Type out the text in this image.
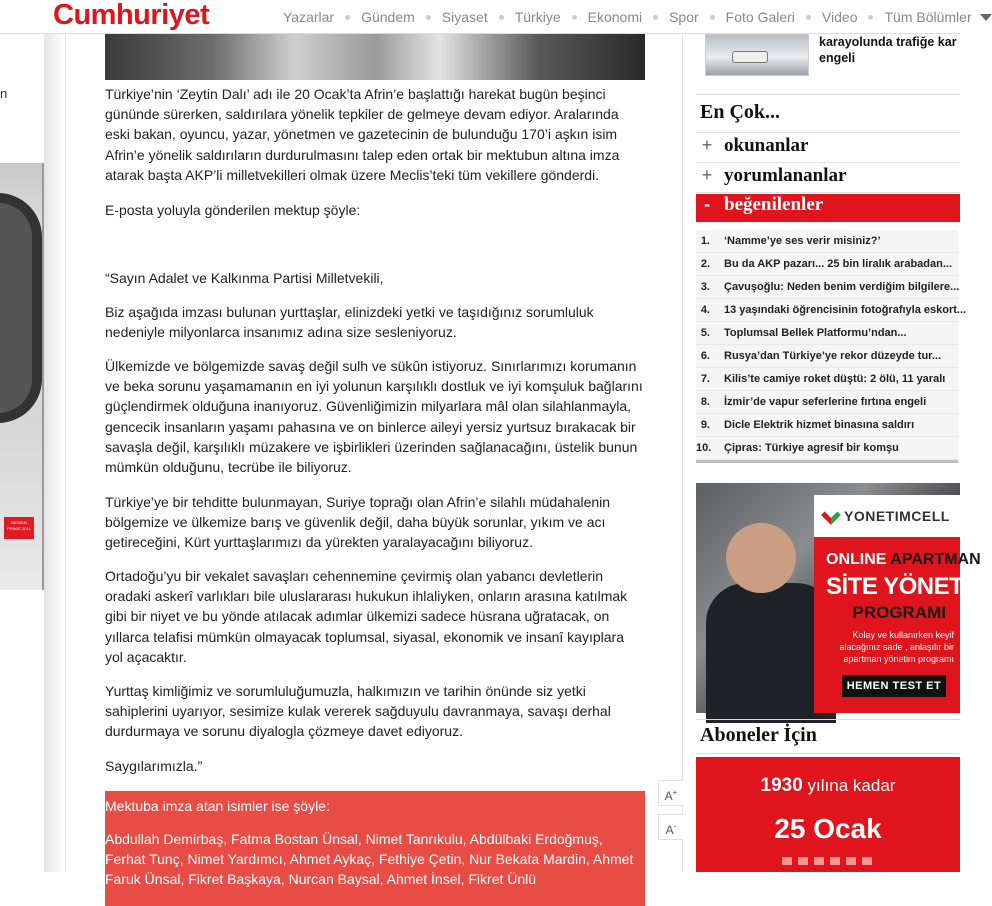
Cumhuriyet	Yazarlar Gündem Siyaset Türkiye Ekonomi Spor Foto Galeri Video Tüm Bölümler
n
DESIGN PRIVAT 2011

Türkiye’nin ‘Zeytin Dalı’ adı ile 20 Ocak’ta Afrin’e başlattığı harekat bugün beşinci gününde sürerken, saldırılara yönelik tepkiler de gelmeye devam ediyor. Aralarında eski bakan, oyuncu, yazar, yönetmen ve gazetecinin de bulunduğu 170’i aşkın isim Afrin’e yönelik saldırıların durdurulmasını talep eden ortak bir mektubun altına imza atarak başta AKP’li milletvekilleri olmak üzere Meclis’teki tüm vekillere gönderdi.

E-posta yoluyla gönderilen mektup şöyle:

“Sayın Adalet ve Kalkınma Partisi Milletvekili,

Biz aşağıda imzası bulunan yurttaşlar, elinizdeki yetki ve taşıdığınız sorumluluk nedeniyle milyonlarca insanımız adına size sesleniyoruz.

Ülkemizde ve bölgemizde savaş değil sulh ve sükûn istiyoruz. Sınırlarımızı korumanın ve beka sorunu yaşamamanın en iyi yolunun karşılıklı dostluk ve iyi komşuluk bağlarını güçlendirmek olduğuna inanıyoruz. Güvenliğimizin milyarlara mâl olan silahlanmayla, gencecik insanların yaşamı pahasına ve on binlerce aileyi yersiz yurtsuz bırakacak bir savaşla değil, karşılıklı müzakere ve işbirlikleri üzerinden sağlanacağını, üstelik bunun mümkün olduğunu, tecrübe ile biliyoruz.

Türkiye’ye bir tehditte bulunmayan, Suriye toprağı olan Afrin’e silahlı müdahalenin bölgemize ve ülkemize barış ve güvenlik değil, daha büyük sorunlar, yıkım ve acı getireceğini, Kürt yurttaşlarımızı da yürekten yaralayacağını biliyoruz.

Ortadoğu’yu bir vekalet savaşları cehennemine çevirmiş olan yabancı devletlerin oradaki askerî varlıkları bile uluslararası hukukun ihlaliyken, onların arasına katılmak gibi bir niyet ve bu yönde atılacak adımlar ülkemizi sadece hüsrana uğratacak, on yıllarca telafisi mümkün olmayacak toplumsal, siyasal, ekonomik ve insanî kayıplara yol açacaktır.

Yurttaş kimliğimiz ve sorumluluğumuzla, halkımızın ve tarihin önünde siz yetki sahiplerini uyarıyor, sesimize kulak vererek sağduyulu davranmaya, savaşı derhal durdurmaya ve sorunu diyalogla çözmeye davet ediyoruz.

Saygılarımızla.”

A+
A-
Mektuba imza atan isimler ise şöyle:
Abdullah Demirbaş, Fatma Bostan Ünsal, Nimet Tanrıkulu, Abdülbaki Erdoğmuş, Ferhat Tunç, Nimet Yardımcı, Ahmet Aykaç, Fethiye Çetin, Nur Bekata Mardin, Ahmet Faruk Ünsal, Fikret Başkaya, Nurcan Baysal, Ahmet İnsel, Fikret Ünlü
karayolunda trafiğe kar engeli
En Çok...
+ okunanlar
+ yorumlananlar
- beğenilenler
1. ‘Namme’ye ses verir misiniz?’
2. Bu da AKP pazarı... 25 bin liralık arabadan...
3. Çavuşoğlu: Neden benim verdiğim bilgilere...
4. 13 yaşındaki öğrencisinin fotoğrafıyla eskort...
5. Toplumsal Bellek Platformu’ndan...
6. Rusya’dan Türkiye’ye rekor düzeyde tur...
7. Kilis’te camiye roket düştü: 2 ölü, 11 yaralı
8. İzmir’de vapur seferlerine fırtına engeli
9. Dicle Elektrik hizmet binasına saldırı
10. Çipras: Türkiye agresif bir komşu
YONETIMCELL
ONLINE APARTMAN
SİTE YÖNETİM
PROGRAMI
Kolay ve kullanırken keyif alacağınız sade , anlaşılır bir apartman yönetim programı
HEMEN TEST ET
Aboneler İçin
1930 yılına kadar
25 Ocak
